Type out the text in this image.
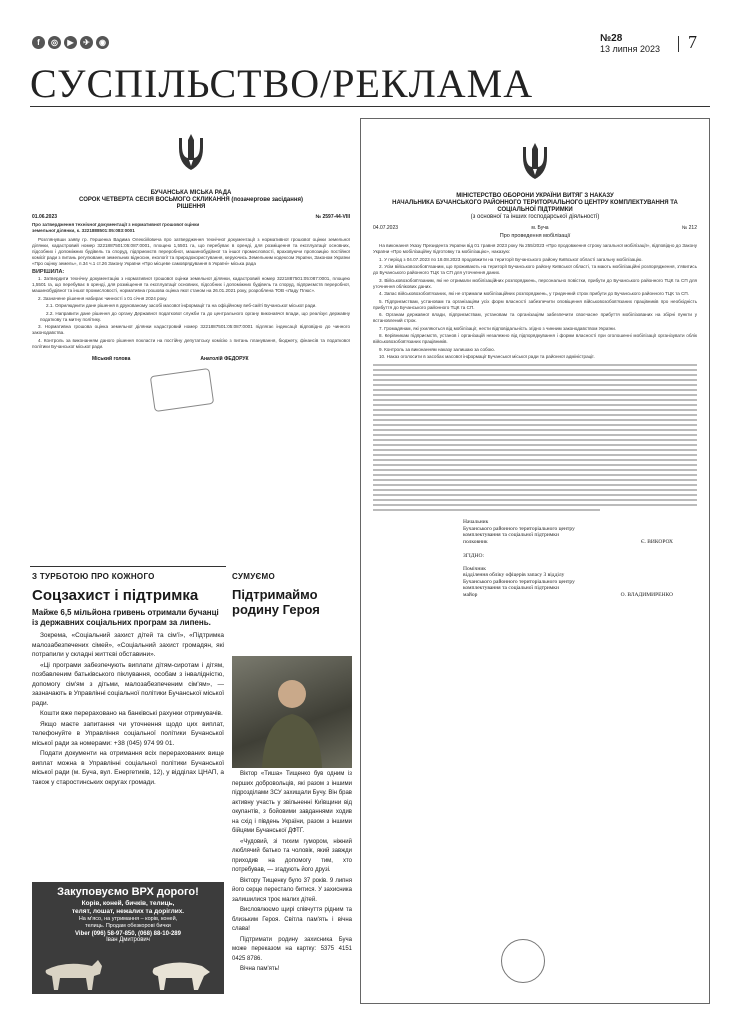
f	◎	▶	✈	◉	№28
13 липня 2023 7
СУСПІЛЬСТВО/РЕКЛАМА
БУЧАНСЬКА МІСЬКА РАДА
СОРОК ЧЕТВЕРТА СЕСІЯ ВОСЬМОГО СКЛИКАННЯ (позачергове засідання)
РІШЕННЯ
01.06.2023	№ 2597-44-VIII
Про затвердження технічної документації з нормативної грошової оцінки земельної ділянки, к. 3221888501:05:083:0001

Розглянувши заяву гр. Гершенка Вадима Олексійовича про затвердження технічної документації з нормативної грошової оцінки земельної ділянки, кадастровий номер 3221887501:05:087:0001, площею 1,5501 га, що перебуває в оренді, для розміщення та експлуатації основних, підсобних і допоміжних будівель та споруд, підприємств переробної, машинобудівної та іншої промисловості, враховуючи пропозицію постійної комісії ради з питань регулювання земельних відносин, екології та природокористування, керуючись Земельним кодексом України, Законом України «Про оцінку земель», п.34 ч.1 ст.26 Закону України «Про місцеве самоврядування в Україні» міська рада

ВИРІШИЛА:

1. Затвердити технічну документацію з нормативної грошової оцінки земельної ділянки, кадастровий номер 3221887501:05:087:0001, площею 1,5501 га, що перебуває в оренді, для розміщення та експлуатації основних, підсобних і допоміжних будівель та споруд, підприємств переробної, машинобудівної та іншої промисловості, нормативна грошова оцінка якої станом на 26.01.2021 року, розроблена ТОВ «Ладу Плюс».

2. Зазначене рішення набирає чинності з 01 січня 2024 року.

2.1. Оприлюднити дане рішення в друкованому засобі масової інформації та на офіційному веб-сайті Бучанської міської ради.

2.2. Направити дане рішення до органу Державної податкової служби та до центрального органу виконавчої влади, що реалізує державну податкову та митну політику.

3. Нормативна грошова оцінка земельної ділянки кадастровий номер 3221887501:05:087:0001 підлягає індексації відповідно до чинного законодавства.

4. Контроль за виконанням даного рішення покласти на постійну депутатську комісію з питань планування, бюджету, фінансів та податкової політики Бучанської міської ради.

Міський голова	Анатолій ФЕДОРУК
З ТУРБОТОЮ ПРО КОЖНОГО
Соцзахист і підтримка
Майже 6,5 мільйона гривень отримали бучанці із державних соціальних програм за липень.

Зокрема, «Соціальний захист дітей та сім'ї», «Підтримка малозабезпечених сімей», «Соціальний захист громадян, які потрапили у складні життєві обставини».

«Ці програми забезпечують виплати дітям-сиротам і дітям, позбавленим батьківського піклування, особам з інвалідністю, допомогу сім'ям з дітьми, малозабезпеченим сім'ям», — зазначають в Управлінні соціальної політики Бучанської міської ради.

Кошти вже перераховано на банківські рахунки отримувачів.

Якщо маєте запитання чи уточнення щодо цих виплат, телефонуйте в Управління соціальної політики Бучанської міської ради за номерами: +38 (045) 974 99 01.

Подати документи на отримання всіх перерахованих вище виплат можна в Управлінні соціальної політики Бучанської міської ради (м. Буча, вул. Енергетиків, 12), у відділах ЦНАП, а також у старостинських округах громади.

СУМУЄМО
Підтримаймо родину Героя

Віктор «Тиша» Тищенко був одним із перших добровольців, які разом з іншими підрозділами ЗСУ захищали Бучу. Він брав активну участь у звільненні Київщини від окупантів, з бойовими завданнями ходив на схід і південь України, разом з іншими бійцями Бучанської ДФТГ.

«Чудовий, зі тихим гумором, ніжний люблячий батько та чоловік, який завжди приходив на допомогу тим, хто потребував, — згадують його друзі.

Віктору Тищенку було 37 років. 9 липня його серце перестало битися. У захисника залишилися троє малих дітей.

Висловлюємо щирі співчуття рідним та близьким Героя. Світла пам'ять і вічна слава!

Підтримати родину захисника Буча може переказом на картку: 5375 4151 0425 8786.

Вічна пам'ять!

Закуповуємо ВРХ дорого!
Корів, коней, бичків, телиць,
телят, лошат, нежалих та доріглих.
На м'ясо, на утримання – корів, коней,
телиць. Продам обезкорові бички
Viber (096) 58-97-850, (068) 88-10-289
Іван Дмитрович
МІНІСТЕРСТВО ОБОРОНИ УКРАЇНИ ВИТЯГ З НАКАЗУ
НАЧАЛЬНИКА БУЧАНСЬКОГО РАЙОННОГО ТЕРИТОРІАЛЬНОГО ЦЕНТРУ КОМПЛЕКТУВАННЯ ТА СОЦІАЛЬНОЇ ПІДТРИМКИ
(з основної та інших господарської діяльності)
04.07.2023	м. Буча	№ 212
Про проведення мобілізації

На виконання Указу Президента України від 01 травня 2023 року № 255/2023 «Про продовження строку загальної мобілізації», відповідно до Закону України «Про мобілізаційну підготовку та мобілізацію», наказую:

1. У період з 04.07.2023 по 18.08.2023 продовжити на території Бучанського району Київської області загальну мобілізацію.

2. Усім військовозобов'язаним, що проживають на території Бучанського району Київської області, та мають мобілізаційні розпорядження, з'явитись до Бучанського районного ТЦК та СП для уточнення даних.

3. Військовозобов'язаним, які не отримали мобілізаційних розпоряджень, персонально повістки, прибути до Бучанського районного ТЦК та СП для уточнення облікових даних.

4. Запас військовозобов'язаних, які не отримали мобілізаційних розпоряджень, у триденний строк прибути до Бучанського районного ТЦК та СП.

5. Підприємствам, установам та організаціям усіх форм власності забезпечити оповіщення військовозобов'язаних працівників про необхідність прибуття до Бучанського районного ТЦК та СП.

6. Органам державної влади, підприємствам, установам та організаціям забезпечити своєчасне прибуття мобілізованих на збірні пункти у встановлений строк.

7. Громадянам, які ухиляються від мобілізації, нести відповідальність згідно з чинним законодавством України.

8. Керівникам підприємств, установ і організацій незалежно від підпорядкування і форми власності при оголошенні мобілізації організувати облік військовозобов'язаних працівників.

9. Контроль за виконанням наказу залишаю за собою.

10. Наказ оголосити в засобах масової інформації Бучанської міської ради та районної адміністрації.

Начальник
Бучанського районного територіального центру
комплектування та соціальної підтримки
полковник	Є. ВИКОРОХ
ЗГІДНО:
Помічник
відділення обліку офіцерів запасу 3 відділу
Бучанського районного територіального центру
комплектування та соціальної підтримки
майор	О. ВЛАДИМИРЕНКО
